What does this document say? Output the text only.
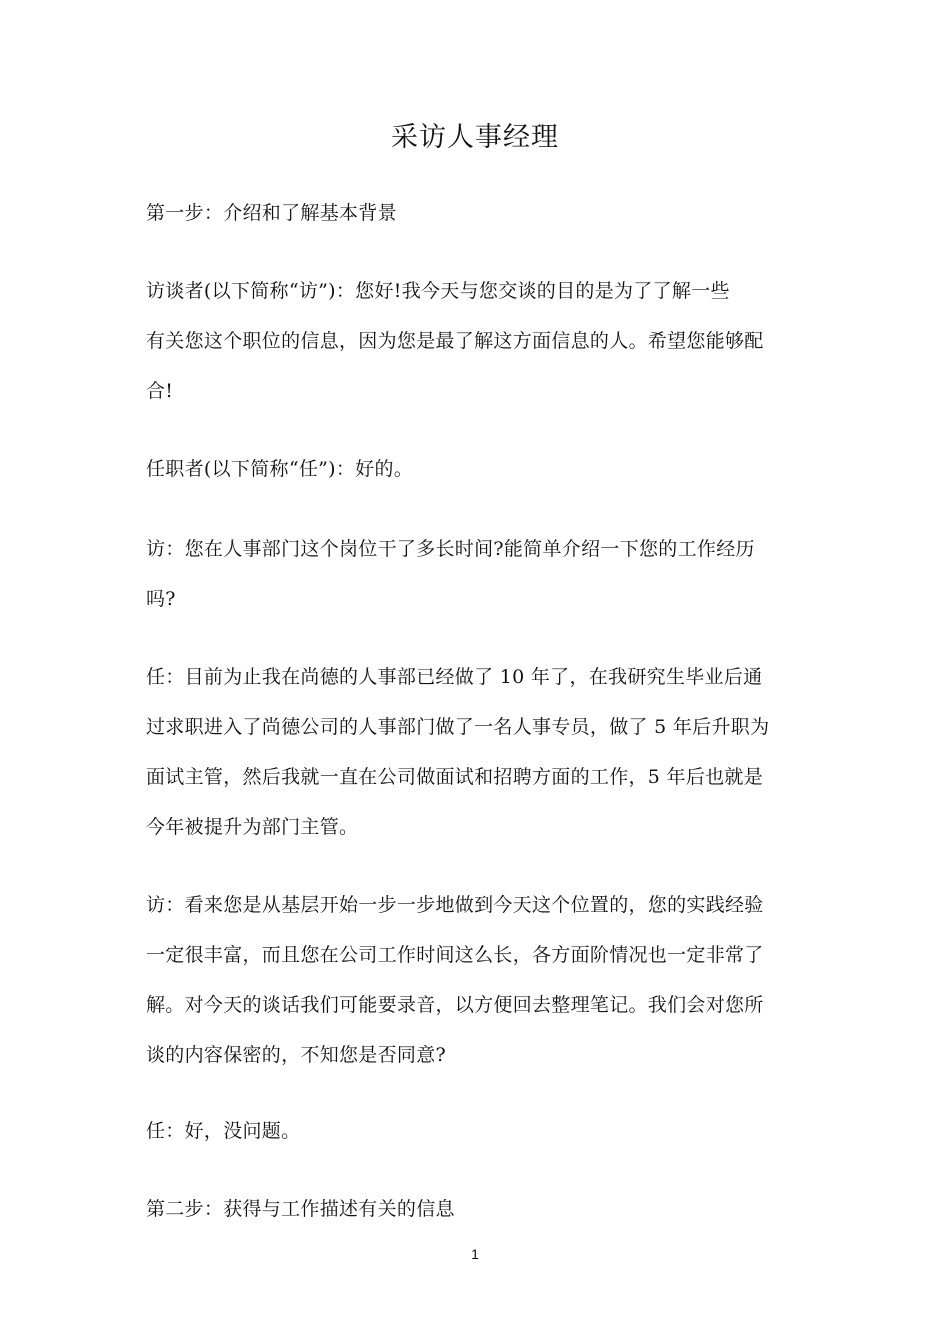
采访人事经理
第一步：介绍和了解基本背景
访谈者(以下简称“访”)：您好!我今天与您交谈的目的是为了了解一些
有关您这个职位的信息，因为您是最了解这方面信息的人。希望您能够配
合!
任职者(以下简称“任”)：好的。
访：您在人事部门这个岗位干了多长时间?能简单介绍一下您的工作经历
吗?
任：目前为止我在尚德的人事部已经做了 10 年了，在我研究生毕业后通
过求职进入了尚德公司的人事部门做了一名人事专员，做了 5 年后升职为
面试主管，然后我就一直在公司做面试和招聘方面的工作，5 年后也就是
今年被提升为部门主管。
访：看来您是从基层开始一步一步地做到今天这个位置的，您的实践经验
一定很丰富，而且您在公司工作时间这么长，各方面阶情况也一定非常了
解。对今天的谈话我们可能要录音，以方便回去整理笔记。我们会对您所
谈的内容保密的，不知您是否同意?
任：好，没问题。
第二步：获得与工作描述有关的信息
1
